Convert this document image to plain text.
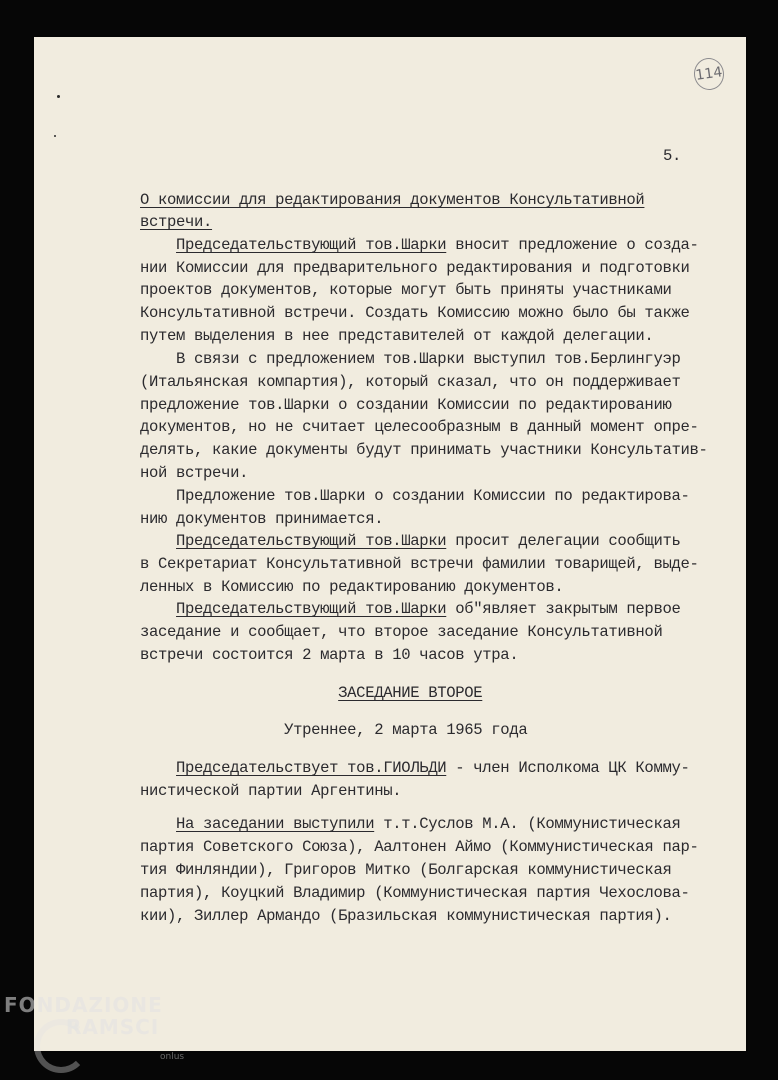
114
5.
О комиссии для редактирования документов Консультативной
встречи.
Председательствующий тов.Шарки вносит предложение о созда-
нии Комиссии для предварительного редактирования и подготовки
проектов документов, которые могут быть приняты участниками
Консультативной встречи. Создать Комиссию можно было бы также
путем выделения в нее представителей от каждой делегации.
В связи с предложением тов.Шарки выступил тов.Берлингуэр
(Итальянская компартия), который сказал, что он поддерживает
предложение тов.Шарки о создании Комиссии по редактированию
документов, но не считает целесообразным в данный момент опре-
делять, какие документы будут принимать участники Консультатив-
ной встречи.
Предложение тов.Шарки о создании Комиссии по редактирова-
нию документов принимается.
Председательствующий тов.Шарки просит делегации сообщить
в Секретариат Консультативной встречи фамилии товарищей, выде-
ленных в Комиссию по редактированию документов.
Председательствующий тов.Шарки об"являет закрытым первое
заседание и сообщает, что второе заседание Консультативной
встречи состоится 2 марта в 10 часов утра.
ЗАСЕДАНИЕ ВТОРОЕ
Утреннее, 2 марта 1965 года
Председательствует тов.ГИОЛЬДИ - член Исполкома ЦК Комму-
нистической партии Аргентины.
На заседании выступили т.т.Суслов М.А. (Коммунистическая
партия Советского Союза), Аалтонен Аймо (Коммунистическая пар-
тия Финляндии), Григоров Митко (Болгарская коммунистическая
партия), Коуцкий Владимир (Коммунистическая партия Чехослова-
кии), Зиллер Армандо (Бразильская коммунистическая партия).
FONDAZIONE
RAMSCI
onlus
